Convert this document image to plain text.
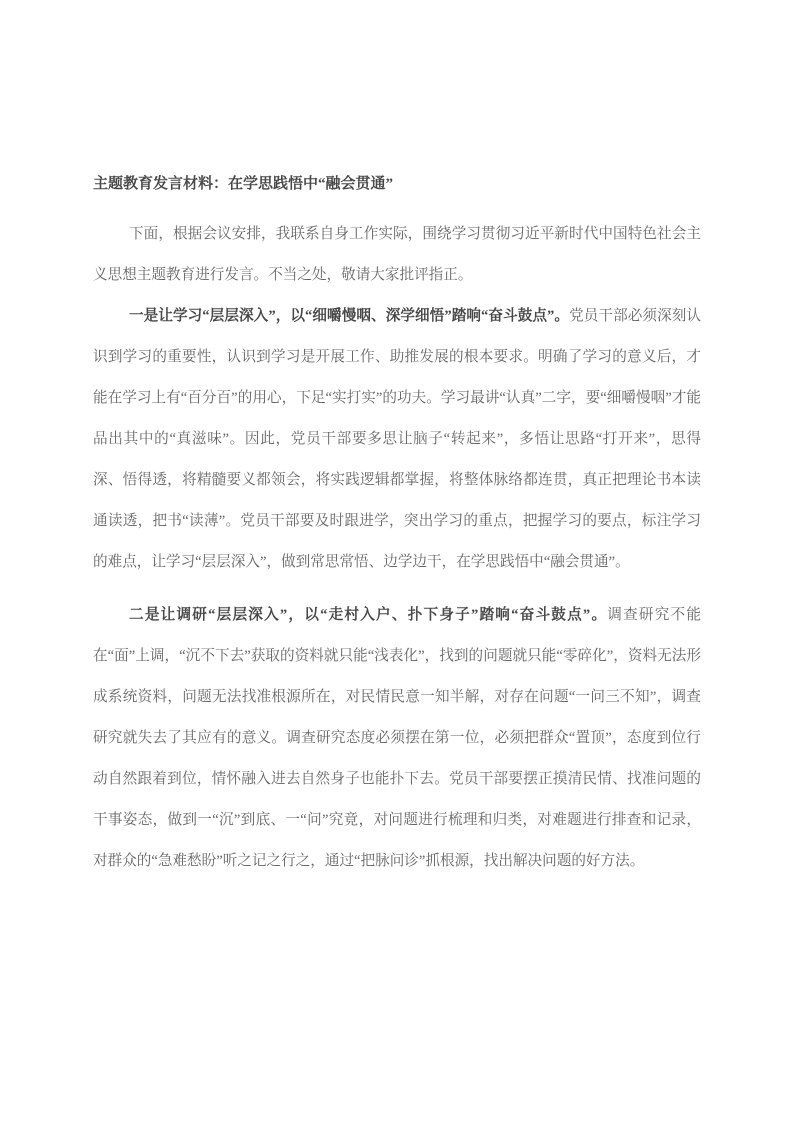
主题教育发言材料：在学思践悟中“融会贯通”

下面，根据会议安排，我联系自身工作实际，围绕学习贯彻习近平新时代中国特色社会主义思想主题教育进行发言。不当之处，敬请大家批评指正。

一是让学习“层层深入”，以“细嚼慢咽、深学细悟”踏响“奋斗鼓点”。党员干部必须深刻认识到学习的重要性，认识到学习是开展工作、助推发展的根本要求。明确了学习的意义后，才能在学习上有“百分百”的用心，下足“实打实”的功夫。学习最讲“认真”二字，要“细嚼慢咽”才能品出其中的“真滋味”。因此，党员干部要多思让脑子“转起来”，多悟让思路“打开来”，思得深、悟得透，将精髓要义都领会，将实践逻辑都掌握，将整体脉络都连贯，真正把理论书本读通读透，把书“读薄”。党员干部要及时跟进学，突出学习的重点，把握学习的要点，标注学习的难点，让学习“层层深入”，做到常思常悟、边学边干，在学思践悟中“融会贯通”。

二是让调研“层层深入”，以“走村入户、扑下身子”踏响“奋斗鼓点”。调查研究不能在“面”上调，“沉不下去”获取的资料就只能“浅表化”，找到的问题就只能“零碎化”，资料无法形成系统资料，问题无法找准根源所在，对民情民意一知半解，对存在问题“一问三不知”，调查研究就失去了其应有的意义。调查研究态度必须摆在第一位，必须把群众“置顶”，态度到位行动自然跟着到位，情怀融入进去自然身子也能扑下去。党员干部要摆正摸清民情、找准问题的干事姿态，做到一“沉”到底、一“问”究竟，对问题进行梳理和归类，对难题进行排查和记录，对群众的“急难愁盼”听之记之行之，通过“把脉问诊”抓根源，找出解决问题的好方法。
